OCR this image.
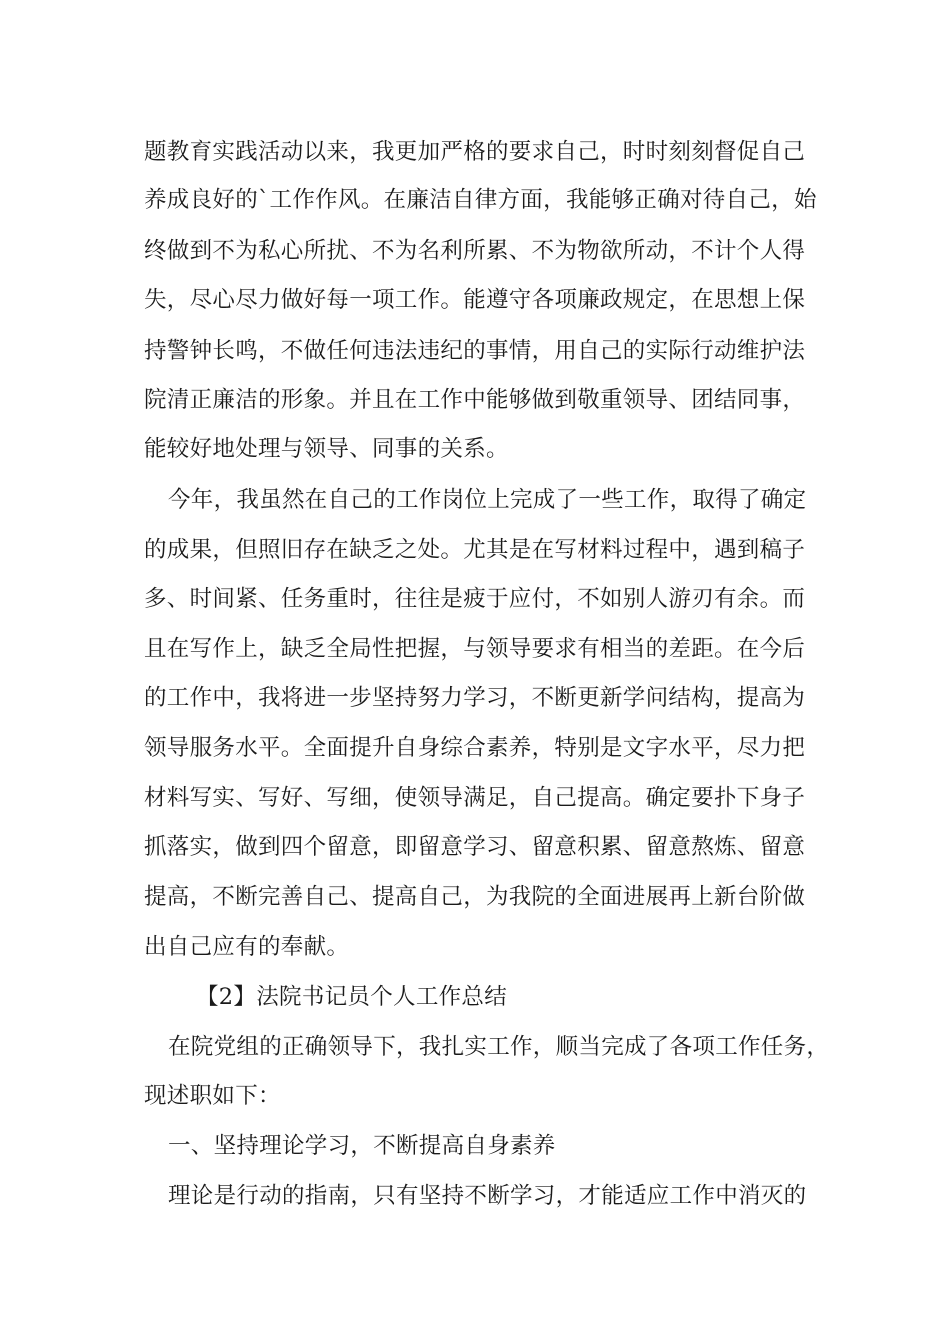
题教育实践活动以来，我更加严格的要求自己，时时刻刻督促自己
养成良好的`工作作风。在廉洁自律方面，我能够正确对待自己，始
终做到不为私心所扰、不为名利所累、不为物欲所动，不计个人得
失，尽心尽力做好每一项工作。能遵守各项廉政规定，在思想上保
持警钟长鸣，不做任何违法违纪的事情，用自己的实际行动维护法
院清正廉洁的形象。并且在工作中能够做到敬重领导、团结同事，
能较好地处理与领导、同事的关系。
今年，我虽然在自己的工作岗位上完成了一些工作，取得了确定
的成果，但照旧存在缺乏之处。尤其是在写材料过程中，遇到稿子
多、时间紧、任务重时，往往是疲于应付，不如别人游刃有余。而
且在写作上，缺乏全局性把握，与领导要求有相当的差距。在今后
的工作中，我将进一步坚持努力学习，不断更新学问结构，提高为
领导服务水平。全面提升自身综合素养，特别是文字水平，尽力把
材料写实、写好、写细，使领导满足，自己提高。确定要扑下身子
抓落实，做到四个留意，即留意学习、留意积累、留意熬炼、留意
提高，不断完善自己、提高自己，为我院的全面进展再上新台阶做
出自己应有的奉献。
【2】法院书记员个人工作总结
在院党组的正确领导下，我扎实工作，顺当完成了各项工作任务，
现述职如下：
一、坚持理论学习，不断提高自身素养
理论是行动的指南，只有坚持不断学习，才能适应工作中消灭的
